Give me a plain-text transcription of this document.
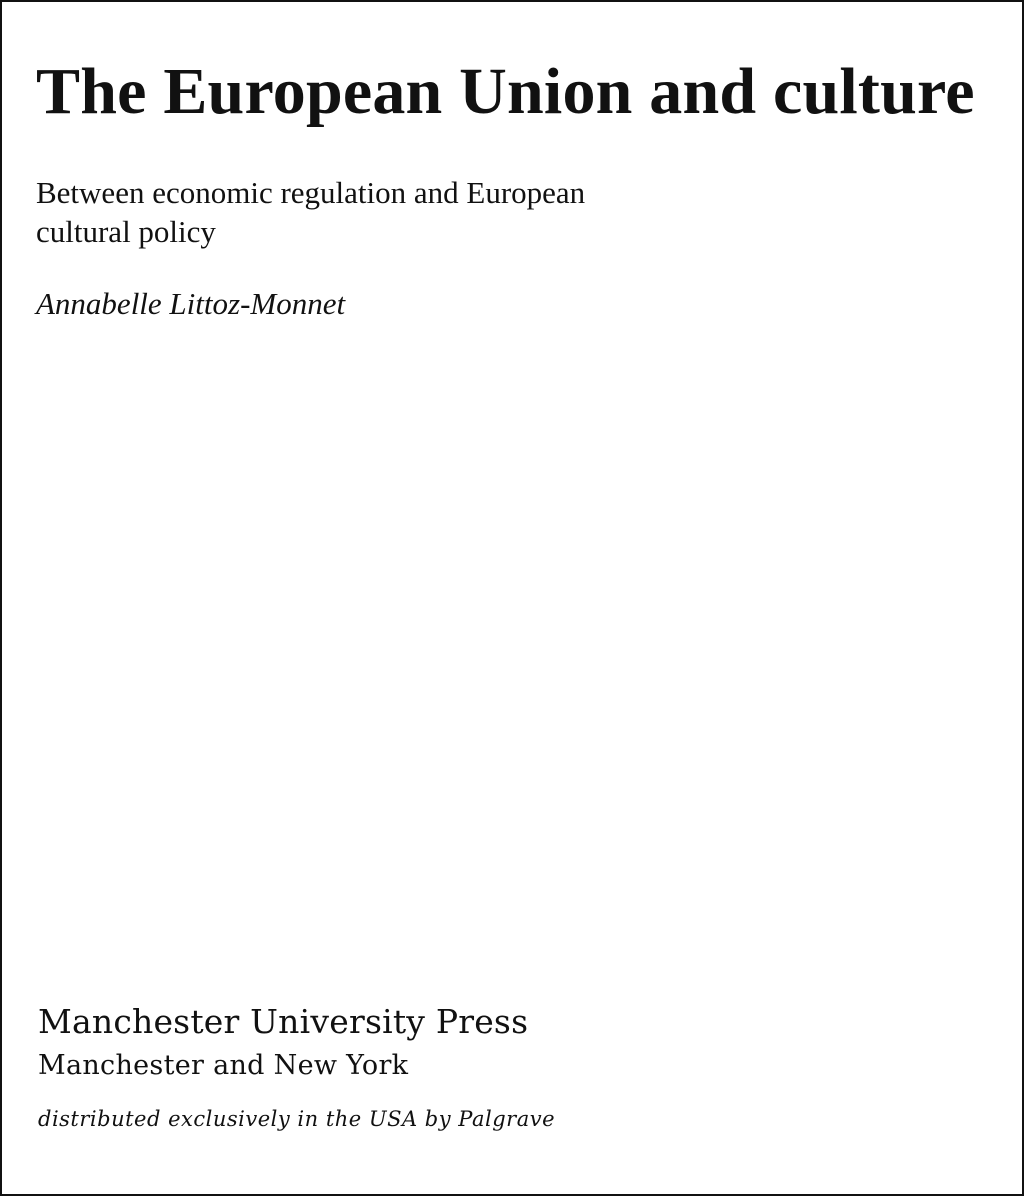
The European Union and culture
Between economic regulation and European
cultural policy
Annabelle Littoz-Monnet
Manchester University Press
Manchester and New York
distributed exclusively in the USA by Palgrave
